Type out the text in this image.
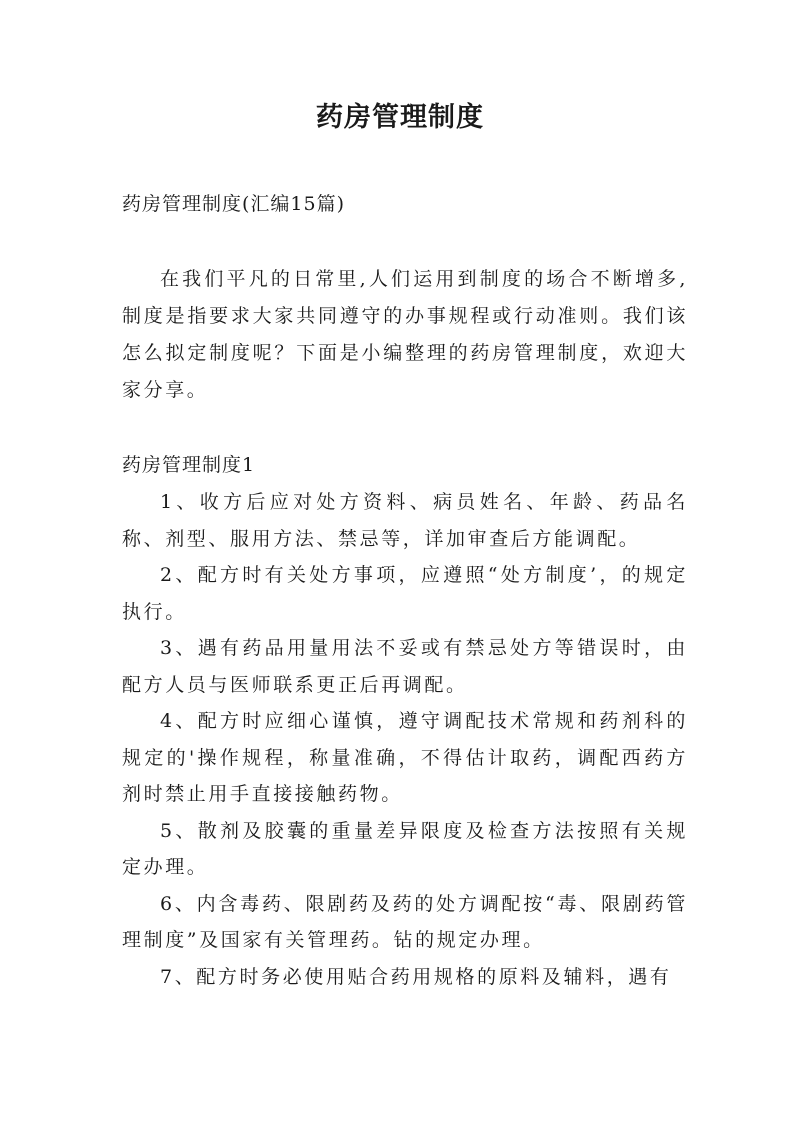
药房管理制度

药房管理制度(汇编15篇)

在我们平凡的日常里,人们运用到制度的场合不断增多,制度是指要求大家共同遵守的办事规程或行动准则。我们该怎么拟定制度呢？下面是小编整理的药房管理制度，欢迎大家分享。

药房管理制度1

1、收方后应对处方资料、病员姓名、年龄、药品名称、剂型、服用方法、禁忌等，详加审查后方能调配。

2、配方时有关处方事项，应遵照“处方制度’，的规定执行。

3、遇有药品用量用法不妥或有禁忌处方等错误时，由配方人员与医师联系更正后再调配。

4、配方时应细心谨慎，遵守调配技术常规和药剂科的规定的'操作规程，称量准确，不得估计取药，调配西药方剂时禁止用手直接接触药物。

5、散剂及胶囊的重量差异限度及检查方法按照有关规定办理。

6、内含毒药、限剧药及药的处方调配按“毒、限剧药管理制度”及国家有关管理药。钻的规定办理。

7、配方时务必使用贴合药用规格的原料及辅料，遇有
